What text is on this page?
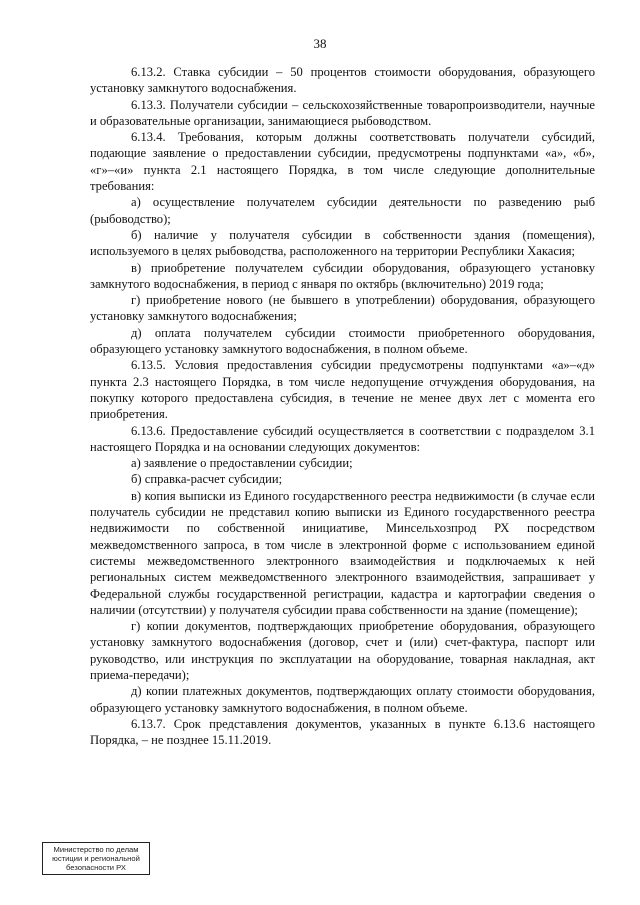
38

6.13.2. Ставка субсидии – 50 процентов стоимости оборудования, образующего установку замкнутого водоснабжения.

6.13.3. Получатели субсидии – сельскохозяйственные товаропроизводители, научные и образовательные организации, занимающиеся рыбоводством.

6.13.4. Требования, которым должны соответствовать получатели субсидий, подающие заявление о предоставлении субсидии, предусмотрены подпунктами «а», «б», «г»–«и» пункта 2.1 настоящего Порядка, в том числе следующие дополнительные требования:

а) осуществление получателем субсидии деятельности по разведению рыб (рыбоводство);

б) наличие у получателя субсидии в собственности здания (помещения), используемого в целях рыбоводства, расположенного на территории Республики Хакасия;

в) приобретение получателем субсидии оборудования, образующего установку замкнутого водоснабжения, в период с января по октябрь (включительно) 2019 года;

г) приобретение нового (не бывшего в употреблении) оборудования, образующего установку замкнутого водоснабжения;

д) оплата получателем субсидии стоимости приобретенного оборудования, образующего установку замкнутого водоснабжения, в полном объеме.

6.13.5. Условия предоставления субсидии предусмотрены подпунктами «а»–«д» пункта 2.3 настоящего Порядка, в том числе недопущение отчуждения оборудования, на покупку которого предоставлена субсидия, в течение не менее двух лет с момента его приобретения.

6.13.6. Предоставление субсидий осуществляется в соответствии с подразделом 3.1 настоящего Порядка и на основании следующих документов:

а) заявление о предоставлении субсидии;

б) справка-расчет субсидии;

в) копия выписки из Единого государственного реестра недвижимости (в случае если получатель субсидии не представил копию выписки из Единого государственного реестра недвижимости по собственной инициативе, Минсельхозпрод РХ посредством межведомственного запроса, в том числе в электронной форме с использованием единой системы межведомственного электронного взаимодействия и подключаемых к ней региональных систем межведомственного электронного взаимодействия, запрашивает у Федеральной службы государственной регистрации, кадастра и картографии сведения о наличии (отсутствии) у получателя субсидии права собственности на здание (помещение);

г) копии документов, подтверждающих приобретение оборудования, образующего установку замкнутого водоснабжения (договор, счет и (или) счет-фактура, паспорт или руководство, или инструкция по эксплуатации на оборудование, товарная накладная, акт приема-передачи);

д) копии платежных документов, подтверждающих оплату стоимости оборудования, образующего установку замкнутого водоснабжения, в полном объеме.

6.13.7. Срок представления документов, указанных в пункте 6.13.6 настоящего Порядка, – не позднее 15.11.2019.

Министерство по делам
юстиции и региональной
безопасности РХ
